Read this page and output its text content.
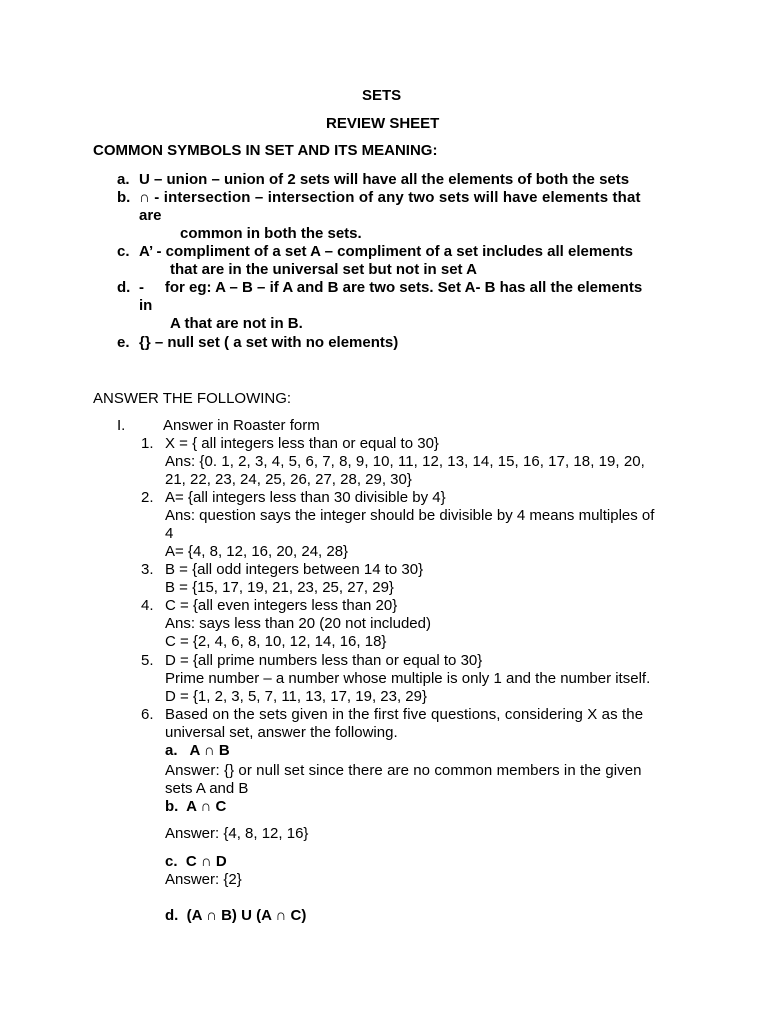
SETS
REVIEW SHEET
COMMON SYMBOLS IN SET AND ITS MEANING:
a. U – union – union of 2 sets will have all the elements of both the sets
b. ∩ - intersection – intersection of any two sets will have elements that
are
common in both the sets.
c. A’ - compliment of a set A – compliment of a set includes all elements
that are in the universal set but not in set A
d. -     for eg: A – B – if A and B are two sets. Set A- B has all the elements
in
A that are not in B.
e. {} – null set ( a set with no elements)
ANSWER THE FOLLOWING:
I.	Answer in Roaster form
1. X = { all integers less than or equal to 30}
Ans: {0. 1, 2, 3, 4, 5, 6, 7, 8, 9, 10, 11, 12, 13, 14, 15, 16, 17, 18, 19, 20,
21, 22, 23, 24, 25, 26, 27, 28, 29, 30}
2. A= {all integers less than 30 divisible by 4}
Ans: question says the integer should be divisible by 4 means multiples of
4
A= {4, 8, 12, 16, 20, 24, 28}
3. B = {all odd integers between 14 to 30}
B = {15, 17, 19, 21, 23, 25, 27, 29}
4. C = {all even integers less than 20}
Ans: says less than 20 (20 not included)
C = {2, 4, 6, 8, 10, 12, 14, 16, 18}
5. D = {all prime numbers less than or equal to 30}
Prime number – a number whose multiple is only 1 and the number itself.
D = {1, 2, 3, 5, 7, 11, 13, 17, 19, 23, 29}
6. Based on the sets given in the first five questions, considering X as the
universal set, answer the following.
a.   A ∩ B
Answer: {} or null set since there are no common members in the given
sets A and B
b.  A ∩ C
Answer: {4, 8, 12, 16}
c.  C ∩ D
Answer: {2}
d.  (A ∩ B) U (A ∩ C)
